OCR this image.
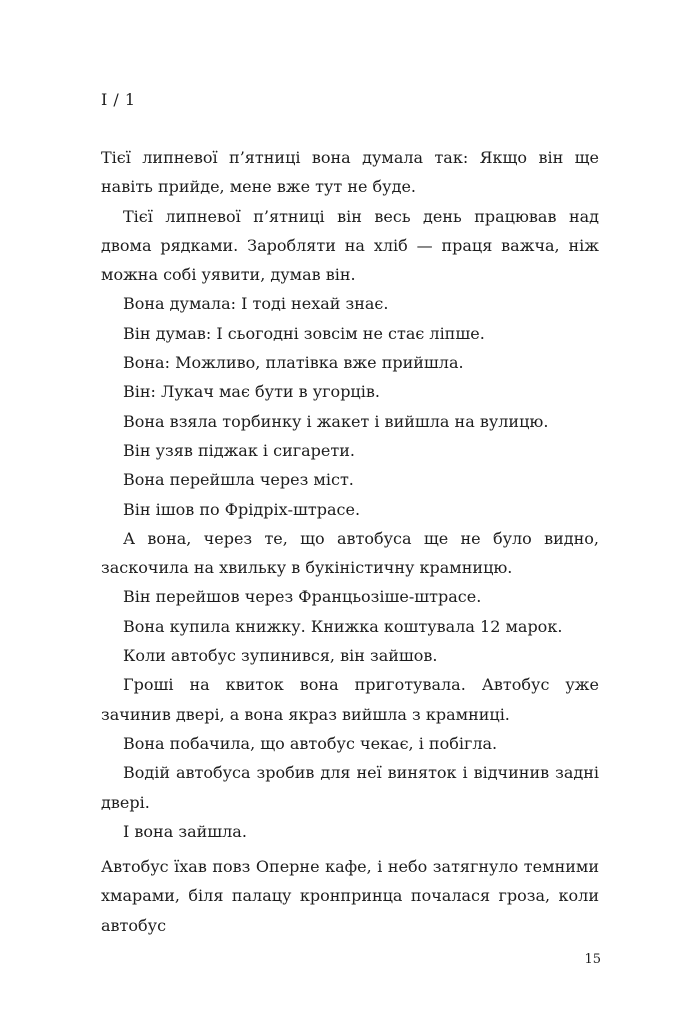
I / 1

Тієї липневої п’ятниці вона думала так: Якщо він ще навіть прийде, мене вже тут не буде.

Тієї липневої п’ятниці він весь день працював над двома рядками. Заробляти на хліб — праця важча, ніж можна собі уявити, думав він.

Вона думала: І тоді нехай знає.

Він думав: І сьогодні зовсім не стає ліпше.

Вона: Можливо, платівка вже прийшла.

Він: Лукач має бути в угорців.

Вона взяла торбинку і жакет і вийшла на вулицю.

Він узяв піджак і сигарети.

Вона перейшла через міст.

Він ішов по Фрідріх-штрасе.

А вона, через те, що автобуса ще не було видно, заскочила на хвильку в букіністичну крамницю.

Він перейшов через Францьозіше-штрасе.

Вона купила книжку. Книжка коштувала 12 марок.

Коли автобус зупинився, він зайшов.

Гроші на квиток вона приготувала. Автобус уже зачинив двері, а вона якраз вийшла з крамниці.

Вона побачила, що автобус чекає, і побігла.

Водій автобуса зробив для неї виняток і відчинив задні двері.

І вона зайшла.

Автобус їхав повз Оперне кафе, і небо затягнуло темними хмарами, біля палацу кронпринца почалася гроза, коли автобус

15
